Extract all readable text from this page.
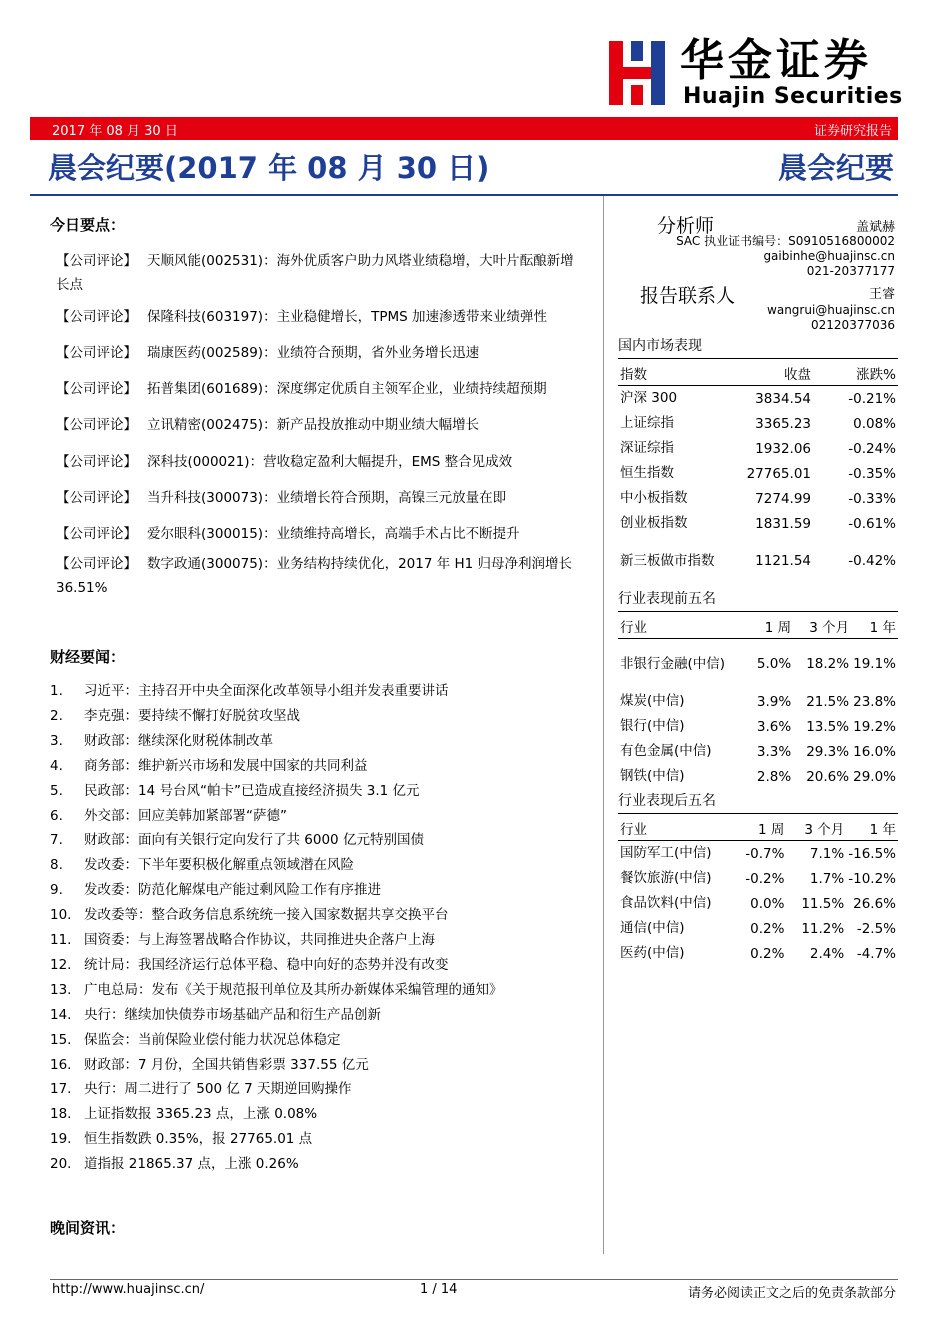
华金证券
Huajin Securities
2017 年 08 月 30 日	证券研究报告
晨会纪要(2017 年 08 月 30 日)	晨会纪要
今日要点：
【公司评论】 天顺风能(002531)：海外优质客户助力风塔业绩稳增，大叶片酝酿新增长点
【公司评论】 保隆科技(603197)：主业稳健增长，TPMS 加速渗透带来业绩弹性
【公司评论】 瑞康医药(002589)：业绩符合预期，省外业务增长迅速
【公司评论】 拓普集团(601689)：深度绑定优质自主领军企业，业绩持续超预期
【公司评论】 立讯精密(002475)：新产品投放推动中期业绩大幅增长
【公司评论】 深科技(000021)：营收稳定盈利大幅提升，EMS 整合见成效
【公司评论】 当升科技(300073)：业绩增长符合预期，高镍三元放量在即
【公司评论】 爱尔眼科(300015)：业绩维持高增长，高端手术占比不断提升
【公司评论】 数字政通(300075)：业务结构持续优化，2017 年 H1 归母净利润增长 36.51%
财经要闻：
1. 习近平：主持召开中央全面深化改革领导小组并发表重要讲话
2. 李克强：要持续不懈打好脱贫攻坚战
3. 财政部：继续深化财税体制改革
4. 商务部：维护新兴市场和发展中国家的共同利益
5. 民政部：14 号台风“帕卡”已造成直接经济损失 3.1 亿元
6. 外交部：回应美韩加紧部署“萨德”
7. 财政部：面向有关银行定向发行了共 6000 亿元特别国债
8. 发改委：下半年要积极化解重点领域潜在风险
9. 发改委：防范化解煤电产能过剩风险工作有序推进
10. 发改委等：整合政务信息系统统一接入国家数据共享交换平台
11. 国资委：与上海签署战略合作协议，共同推进央企落户上海
12. 统计局：我国经济运行总体平稳、稳中向好的态势并没有改变
13. 广电总局：发布《关于规范报刊单位及其所办新媒体采编管理的通知》
14. 央行：继续加快债券市场基础产品和衍生产品创新
15. 保监会：当前保险业偿付能力状况总体稳定
16. 财政部：7 月份，全国共销售彩票 337.55 亿元
17. 央行：周二进行了 500 亿 7 天期逆回购操作
18. 上证指数报 3365.23 点，上涨 0.08%
19. 恒生指数跌 0.35%，报 27765.01 点
20. 道指报 21865.37 点，上涨 0.26%
晚间资讯：
分析师	盖斌赫
SAC 执业证书编号：S0910516800002
gaibinhe@huajinsc.cn
021-20377177
报告联系人	王睿
wangrui@huajinsc.cn
02120377036
国内市场表现
指数	收盘	涨跌%
沪深 300	3834.54	-0.21%
上证综指	3365.23	0.08%
深证综指	1932.06	-0.24%
恒生指数	27765.01	-0.35%
中小板指数	7274.99	-0.33%
创业板指数	1831.59	-0.61%
新三板做市指数	1121.54	-0.42%
行业表现前五名
行业	1 周	3 个月	1 年
非银行金融(中信)	5.0%	18.2%	19.1%
煤炭(中信)	3.9%	21.5%	23.8%
银行(中信)	3.6%	13.5%	19.2%
有色金属(中信)	3.3%	29.3%	16.0%
钢铁(中信)	2.8%	20.6%	29.0%
行业表现后五名
行业	1 周	3 个月	1 年
国防军工(中信)	-0.7%	7.1%	-16.5%
餐饮旅游(中信)	-0.2%	1.7%	-10.2%
食品饮料(中信)	0.0%	11.5%	26.6%
通信(中信)	0.2%	11.2%	-2.5%
医药(中信)	0.2%	2.4%	-4.7%
http://www.huajinsc.cn/	1 / 14	请务必阅读正文之后的免责条款部分
